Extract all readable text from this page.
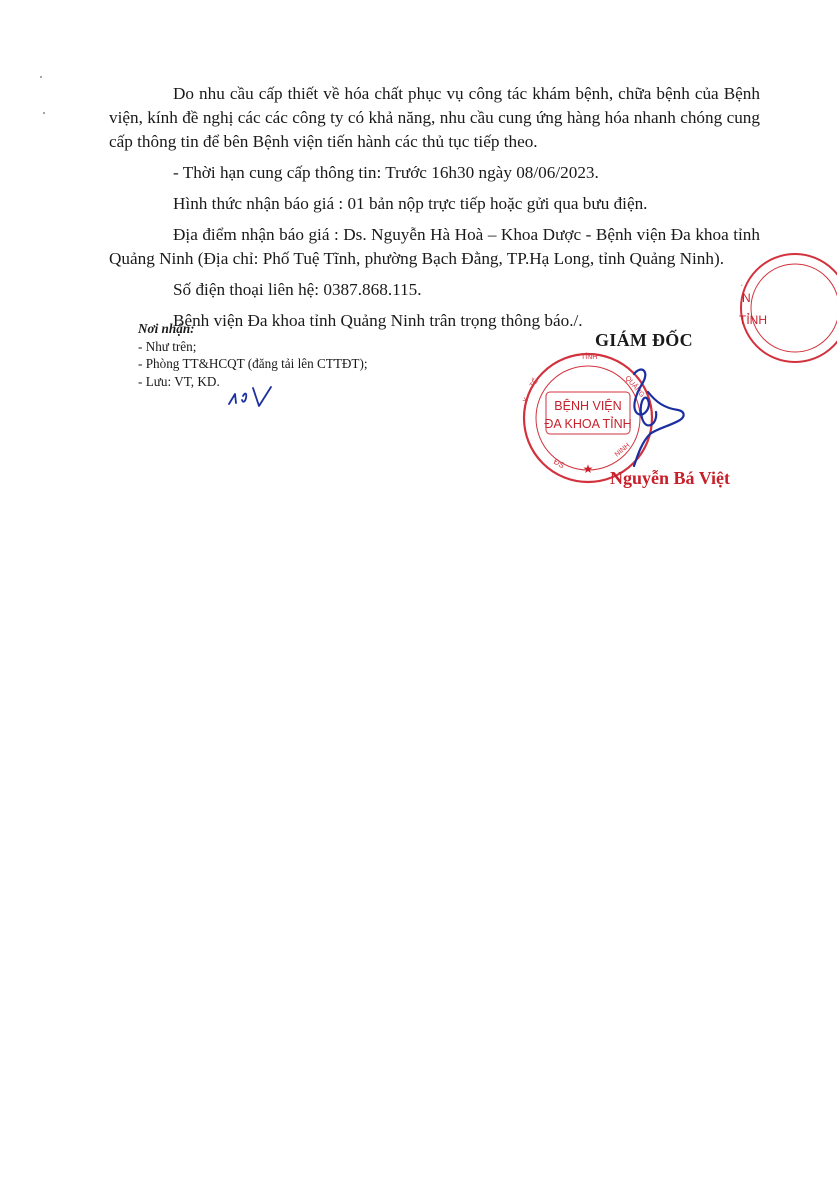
Do nhu cầu cấp thiết về hóa chất phục vụ công tác khám bệnh, chữa bệnh của Bệnh viện, kính đề nghị các các công ty có khả năng, nhu cầu cung ứng hàng hóa nhanh chóng cung cấp thông tin để bên Bệnh viện tiến hành các thủ tục tiếp theo.

- Thời hạn cung cấp thông tin: Trước 16h30 ngày 08/06/2023.

Hình thức nhận báo giá : 01 bản nộp trực tiếp hoặc gửi qua bưu điện.

Địa điểm nhận báo giá : Ds. Nguyễn Hà Hoà – Khoa Dược - Bệnh viện Đa khoa tỉnh Quảng Ninh (Địa chỉ: Phố Tuệ Tĩnh, phường Bạch Đằng, TP.Hạ Long, tỉnh Quảng Ninh).

Số điện thoại liên hệ: 0387.868.115.

Bệnh viện Đa khoa tỉnh Quảng Ninh trân trọng thông báo./.

Nơi nhận:
- Như trên;
- Phòng TT&HCQT (đăng tải lên CTTĐT);
- Lưu: VT, KD.
·
N
TỈNH
GIÁM ĐỐC
BỆNH VIỆN
ĐA KHOA TỈNH
★
ĐS
NINH
Y
TẾ
TỈNH
QUẢNG
Nguyễn Bá Việt
